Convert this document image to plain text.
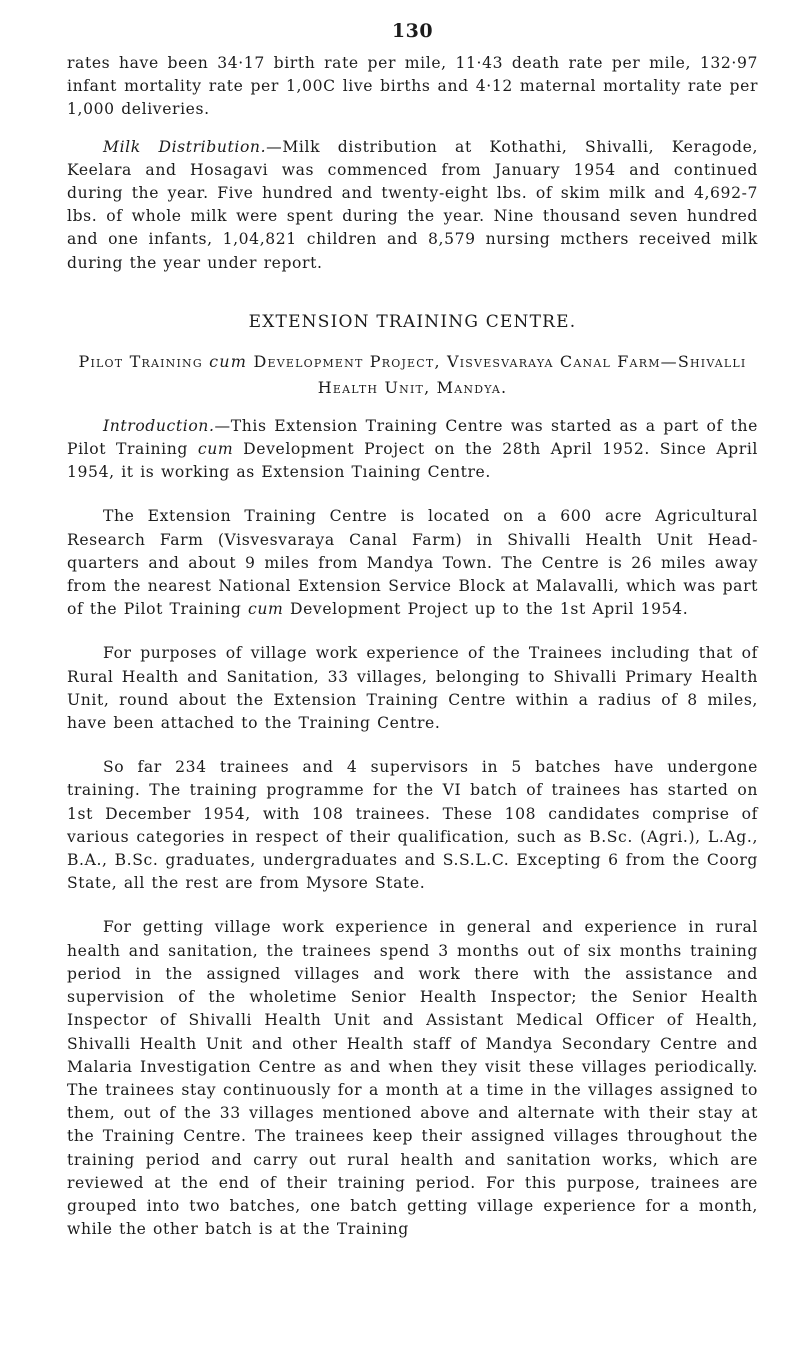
130

rates have been 34·17 birth rate per mile, 11·43 death rate per mile, 132·97 infant mortality rate per 1,00C live births and 4·12 maternal mortality rate per 1,000 deliveries.

Milk Distribution.—Milk distribution at Kothathi, Shivalli, Keragode, Keelara and Hosagavi was commenced from January 1954 and continued during the year. Five hundred and twenty-eight lbs. of skim milk and 4,692-7 lbs. of whole milk were spent during the year. Nine thousand seven hundred and one infants, 1,04,821 children and 8,579 nursing mcthers received milk during the year under report.

EXTENSION TRAINING CENTRE.
Pilot Training cum Development Project, Visvesvaraya Canal Farm—Shivalli Health Unit, Mandya.

Introduction.—This Extension Training Centre was started as a part of the Pilot Training cum Development Project on the 28th April 1952. Since April 1954, it is working as Extension Tıaining Centre.

The Extension Training Centre is located on a 600 acre Agricultural Research Farm (Visvesvaraya Canal Farm) in Shivalli Health Unit Head-quarters and about 9 miles from Mandya Town. The Centre is 26 miles away from the nearest National Extension Service Block at Malavalli, which was part of the Pilot Training cum Development Project up to the 1st April 1954.

For purposes of village work experience of the Trainees including that of Rural Health and Sanitation, 33 villages, belonging to Shivalli Primary Health Unit, round about the Extension Training Centre within a radius of 8 miles, have been attached to the Training Centre.

So far 234 trainees and 4 supervisors in 5 batches have undergone training. The training programme for the VI batch of trainees has started on 1st December 1954, with 108 trainees. These 108 candidates comprise of various categories in respect of their qualification, such as B.Sc. (Agri.), L.Ag., B.A., B.Sc. graduates, undergraduates and S.S.L.C. Excepting 6 from the Coorg State, all the rest are from Mysore State.

For getting village work experience in general and experience in rural health and sanitation, the trainees spend 3 months out of six months training period in the assigned villages and work there with the assistance and supervision of the wholetime Senior Health Inspector; the Senior Health Inspector of Shivalli Health Unit and Assistant Medical Officer of Health, Shivalli Health Unit and other Health staff of Mandya Secondary Centre and Malaria Investigation Centre as and when they visit these villages periodically. The trainees stay continuously for a month at a time in the villages assigned to them, out of the 33 villages mentioned above and alternate with their stay at the Training Centre. The trainees keep their assigned villages throughout the training period and carry out rural health and sanitation works, which are reviewed at the end of their training period. For this purpose, trainees are grouped into two batches, one batch getting village experience for a month, while the other batch is at the Training
